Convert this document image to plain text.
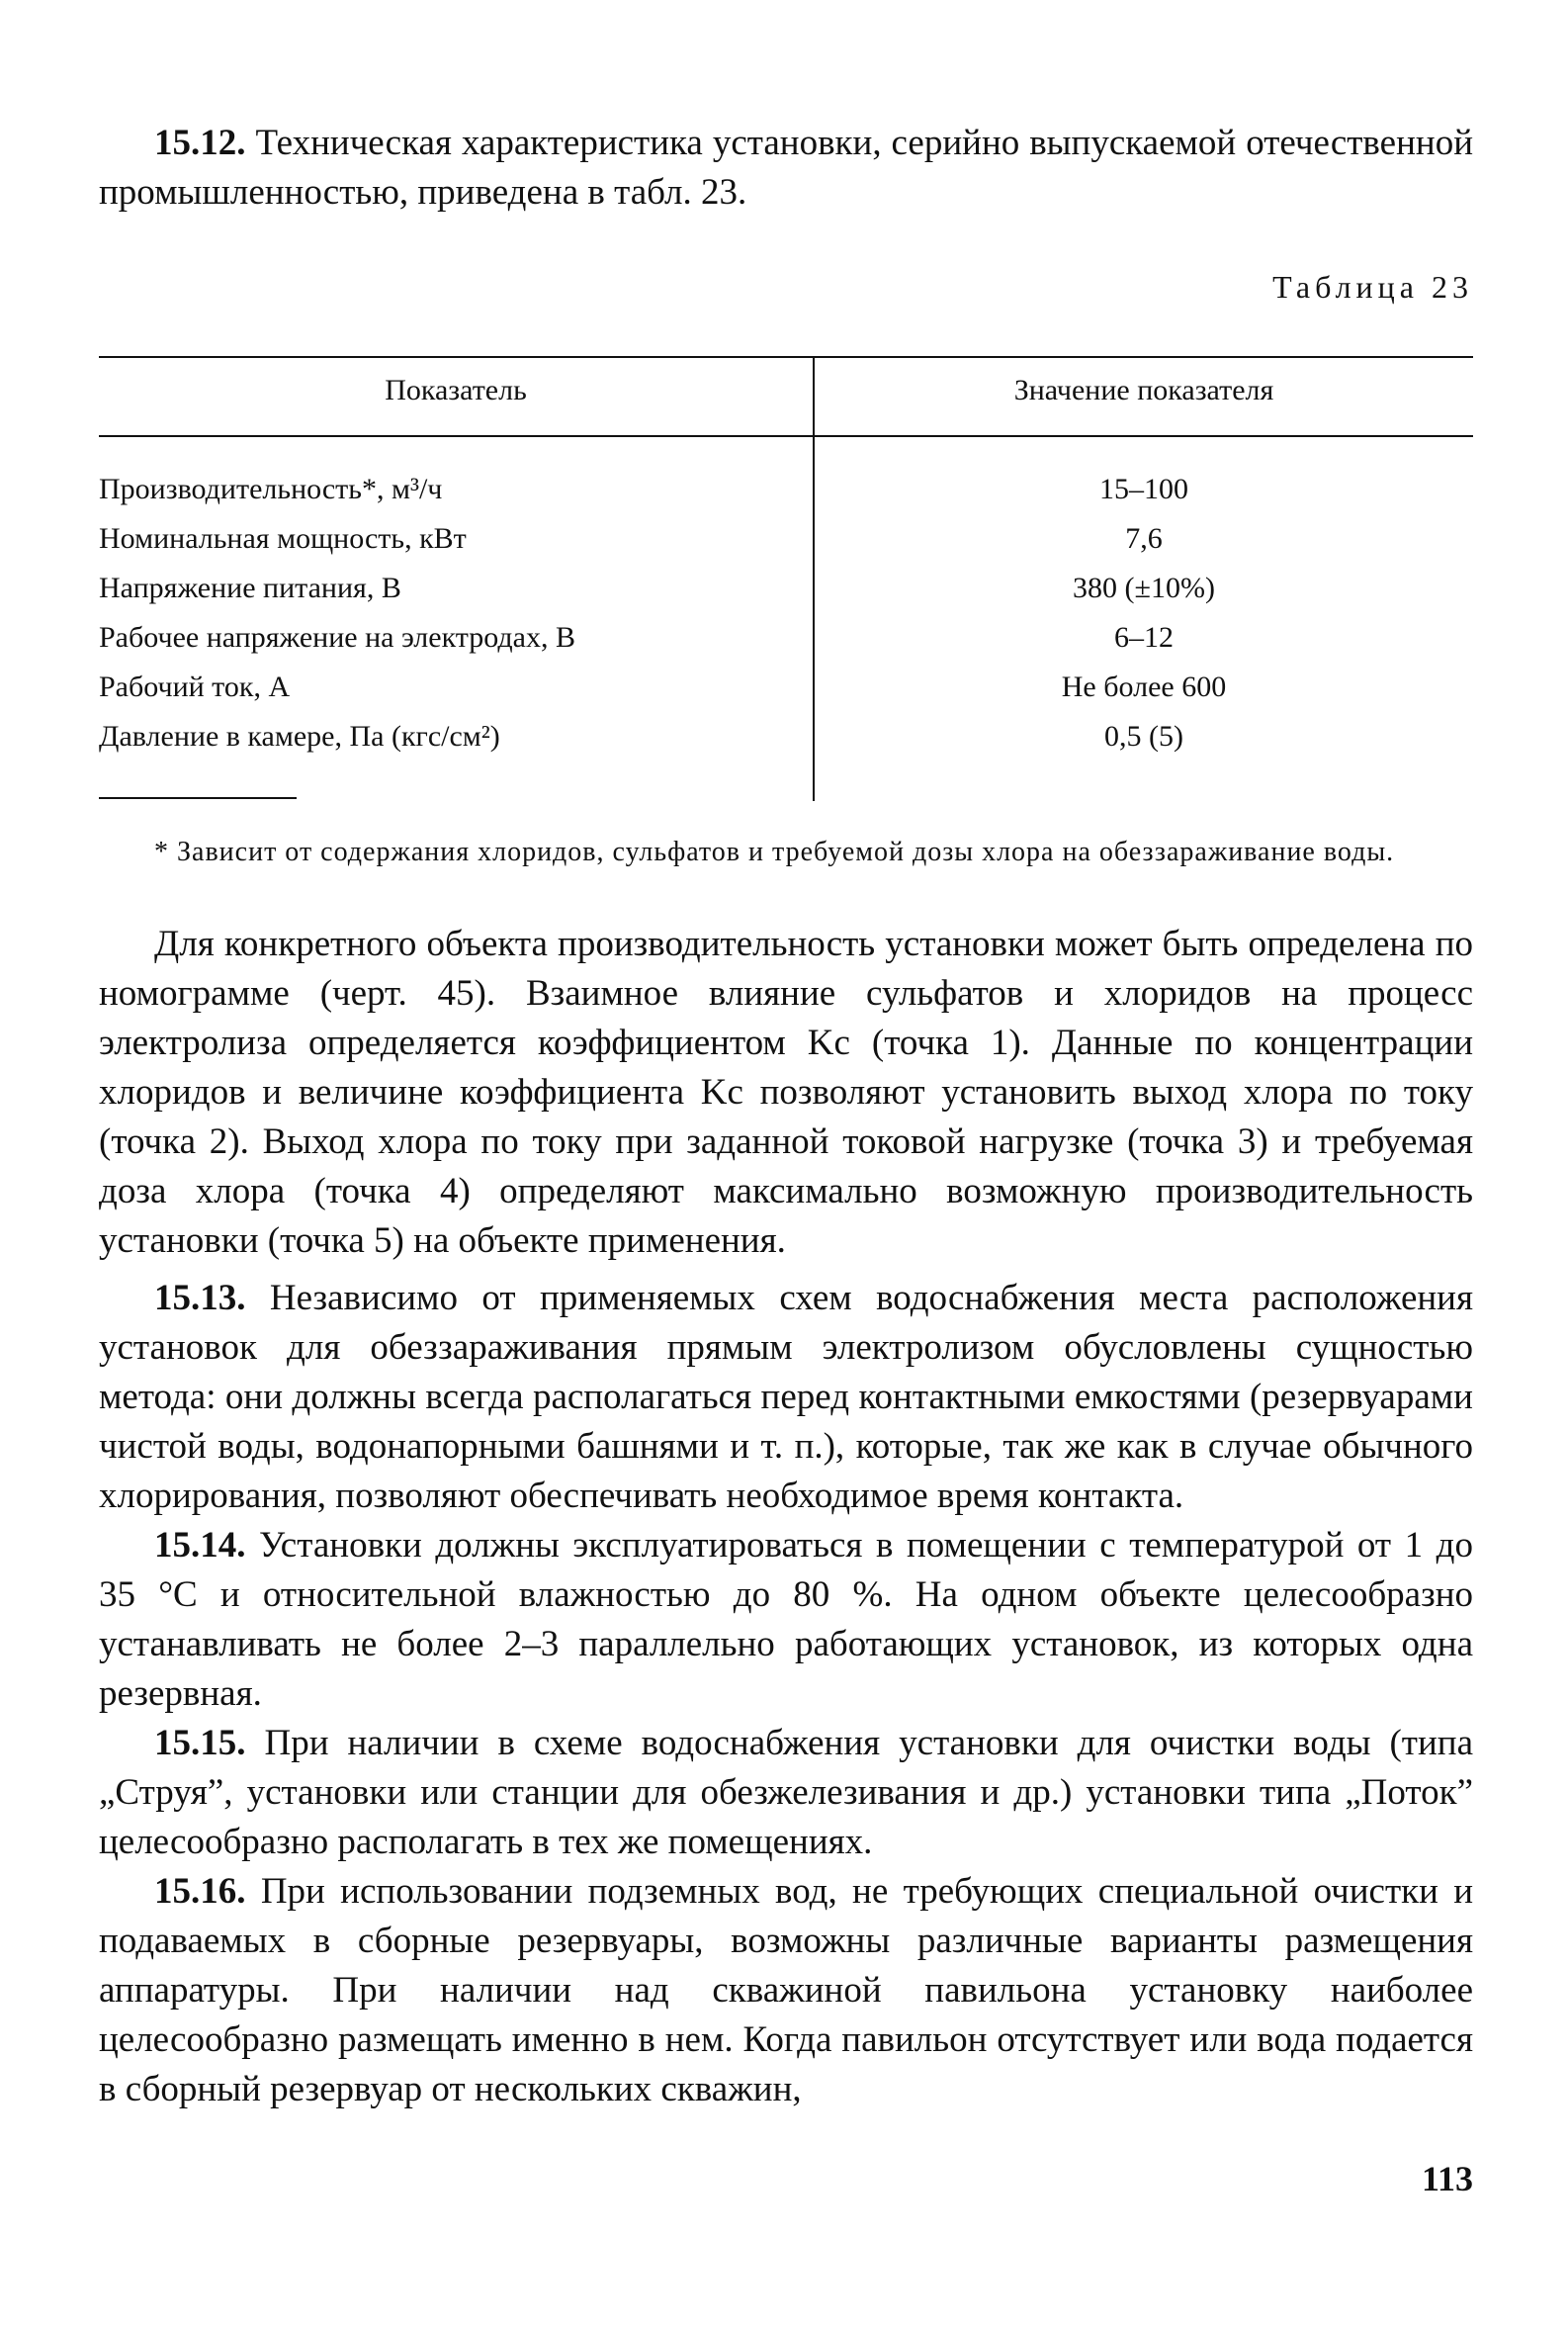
15.12. Техническая характеристика установки, серийно выпускаемой отечественной промышленностью, приведена в табл. 23.

Таблица 23
Показатель	Значение показателя
Производительность*, м³/ч	15–100
Номинальная мощность, кВт	7,6
Напряжение питания, В	380 (±10%)
Рабочее напряжение на электродах, В	6–12
Рабочий ток, А	Не более 600
Давление в камере, Па (кгс/см²)	0,5 (5)
* Зависит от содержания хлоридов, сульфатов и требуемой дозы хлора на обеззараживание воды.

Для конкретного объекта производительность установки может быть определена по номограмме (черт. 45). Взаимное влияние сульфатов и хлоридов на процесс электролиза определяется коэффициентом Kс (точка 1). Данные по концентрации хлоридов и величине коэффициента Kс позволяют установить выход хлора по току (точка 2). Выход хлора по току при заданной токовой нагрузке (точка 3) и требуемая доза хлора (точка 4) определяют максимально возможную производительность установки (точка 5) на объекте применения.

15.13. Независимо от применяемых схем водоснабжения места расположения установок для обеззараживания прямым электролизом обусловлены сущностью метода: они должны всегда располагаться перед контактными емкостями (резервуарами чистой воды, водонапорными башнями и т. п.), которые, так же как в случае обычного хлорирования, позволяют обеспечивать необходимое время контакта.

15.14. Установки должны эксплуатироваться в помещении с температурой от 1 до 35 °С и относительной влажностью до 80 %. На одном объекте целесообразно устанавливать не более 2–3 параллельно работающих установок, из которых одна резервная.

15.15. При наличии в схеме водоснабжения установки для очистки воды (типа „Струя”, установки или станции для обезжелезивания и др.) установки типа „Поток” целесообразно располагать в тех же помещениях.

15.16. При использовании подземных вод, не требующих специальной очистки и подаваемых в сборные резервуары, возможны различные варианты размещения аппаратуры. При наличии над скважиной павильона установку наиболее целесообразно размещать именно в нем. Когда павильон отсутствует или вода подается в сборный резервуар от нескольких скважин,

113
